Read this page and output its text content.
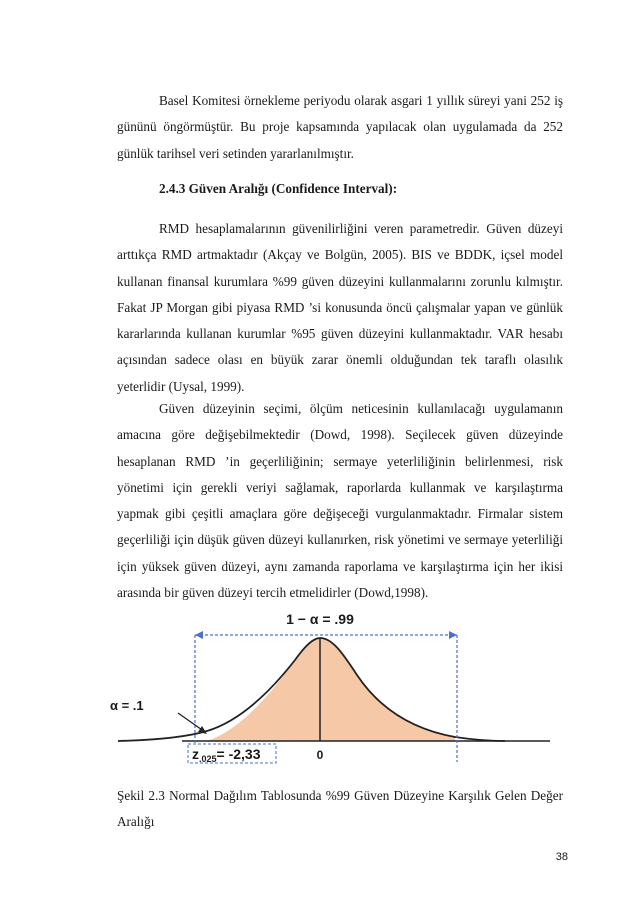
Basel Komitesi örnekleme periyodu olarak asgari 1 yıllık süreyi yani 252 iş gününü öngörmüştür. Bu proje kapsamında yapılacak olan uygulamada da 252 günlük tarihsel veri setinden yararlanılmıştır.

2.4.3 Güven Aralığı (Confidence Interval):

RMD hesaplamalarının güvenilirliğini veren parametredir. Güven düzeyi arttıkça RMD artmaktadır (Akçay ve Bolgün, 2005). BIS ve BDDK, içsel model kullanan finansal kurumlara %99 güven düzeyini kullanmalarını zorunlu kılmıştır. Fakat JP Morgan gibi piyasa RMD ’si konusunda öncü çalışmalar yapan ve günlük kararlarında kullanan kurumlar %95 güven düzeyini kullanmaktadır. VAR hesabı açısından sadece olası en büyük zarar önemli olduğundan tek taraflı olasılık yeterlidir (Uysal, 1999).

Güven düzeyinin seçimi, ölçüm neticesinin kullanılacağı uygulamanın amacına göre değişebilmektedir (Dowd, 1998). Seçilecek güven düzeyinde hesaplanan RMD ’in geçerliliğinin; sermaye yeterliliğinin belirlenmesi, risk yönetimi için gerekli veriyi sağlamak, raporlarda kullanmak ve karşılaştırma yapmak gibi çeşitli amaçlara göre değişeceği vurgulanmaktadır. Firmalar sistem geçerliliği için düşük güven düzeyi kullanırken, risk yönetimi ve sermaye yeterliliği için yüksek güven düzeyi, aynı zamanda raporlama ve karşılaştırma için her ikisi arasında bir güven düzeyi tercih etmelidirler (Dowd,1998).

1 − α = .99
α = .1
$z_{.025}= -2,33$	0

Şekil 2.3 Normal Dağılım Tablosunda %99 Güven Düzeyine Karşılık Gelen Değer Aralığı

38
